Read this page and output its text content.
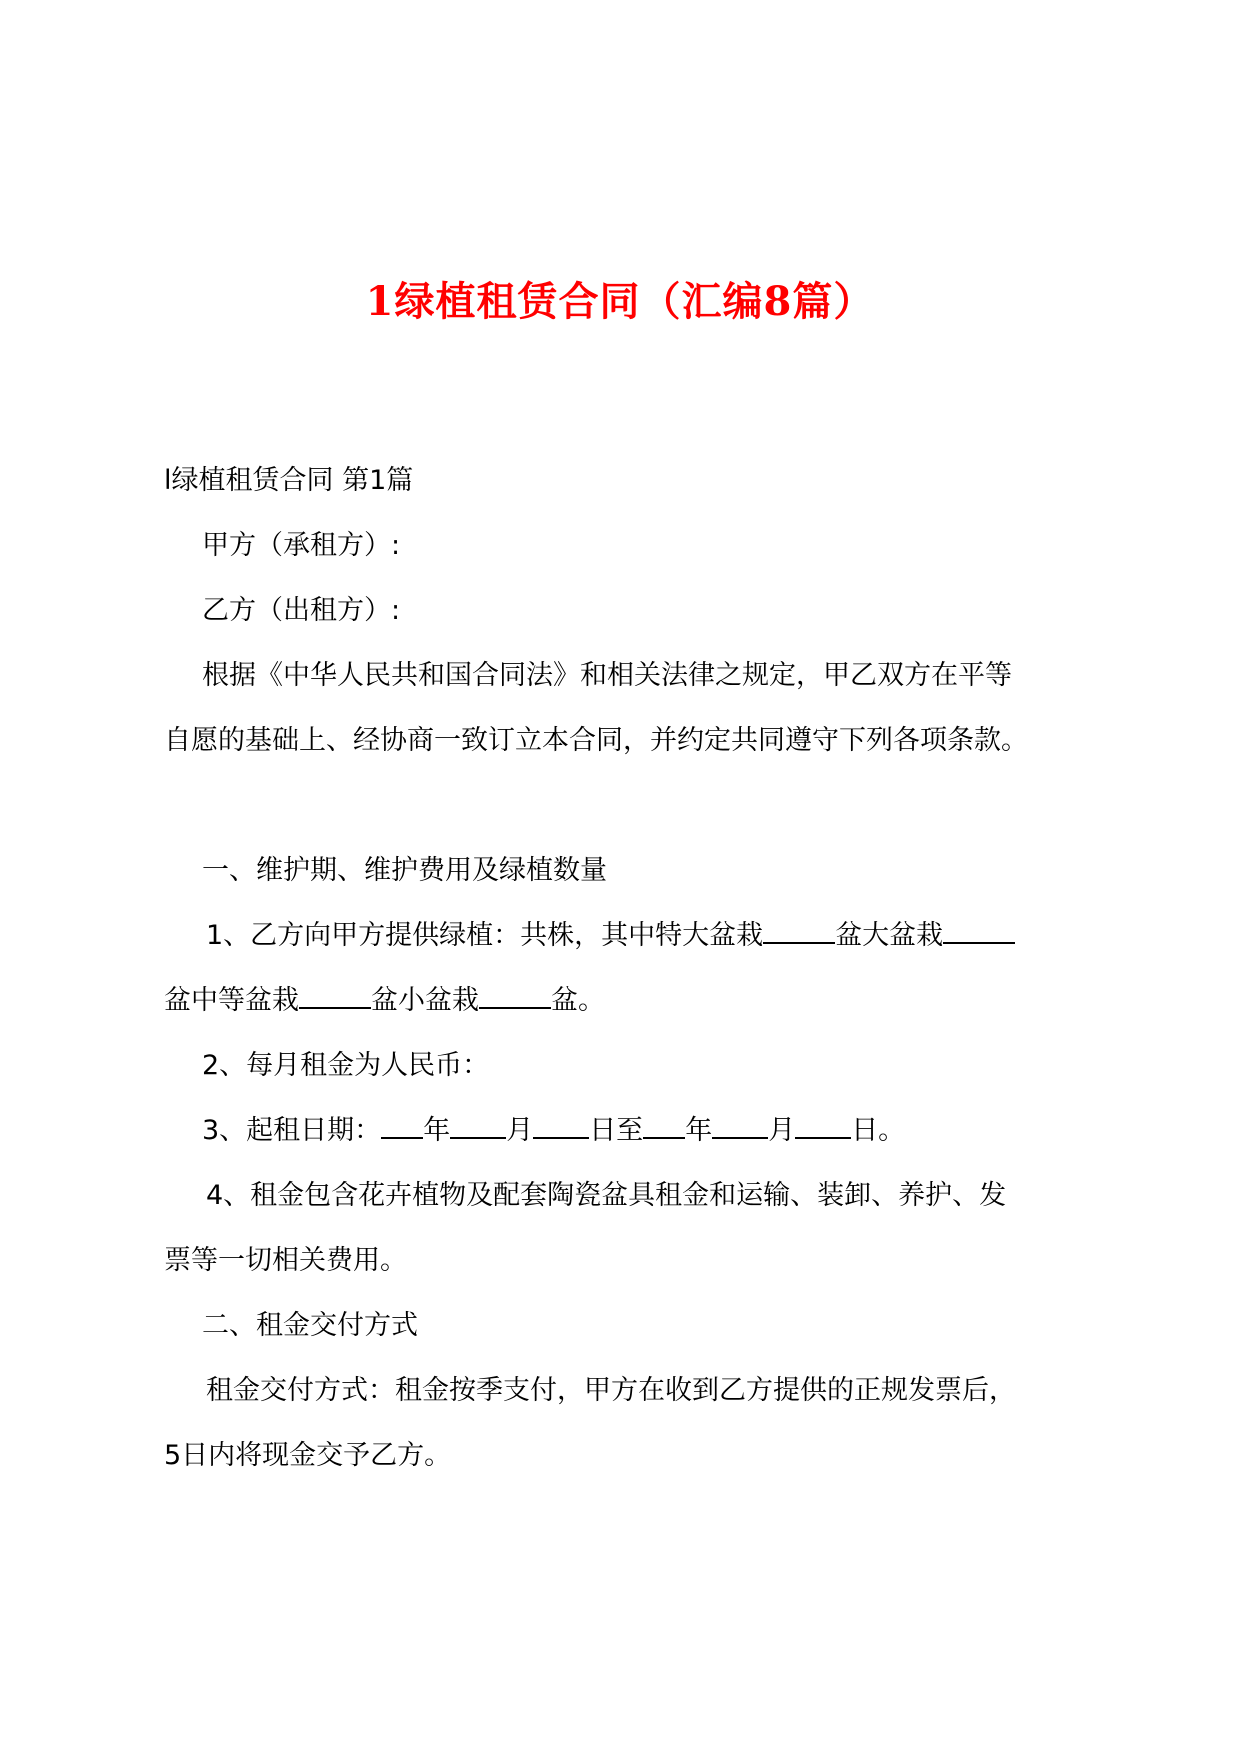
1绿植租赁合同（汇编8篇）

l绿植租赁合同 第1篇

甲方（承租方）:

乙方（出租方）:

根据《中华人民共和国合同法》和相关法律之规定，甲乙双方在平等

自愿的基础上、经协商一致订立本合同，并约定共同遵守下列各项条款。

一、维护期、维护费用及绿植数量

1、乙方向甲方提供绿植：共株，其中特大盆栽	盆大盆栽

盆中等盆栽	盆小盆栽	盆。

2、每月租金为人民币：

3、起租日期： 年 月 日至 年 月 日。

4、租金包含花卉植物及配套陶瓷盆具租金和运输、装卸、养护、发

票等一切相关费用。

二、租金交付方式

租金交付方式：租金按季支付，甲方在收到乙方提供的正规发票后，

5日内将现金交予乙方。
